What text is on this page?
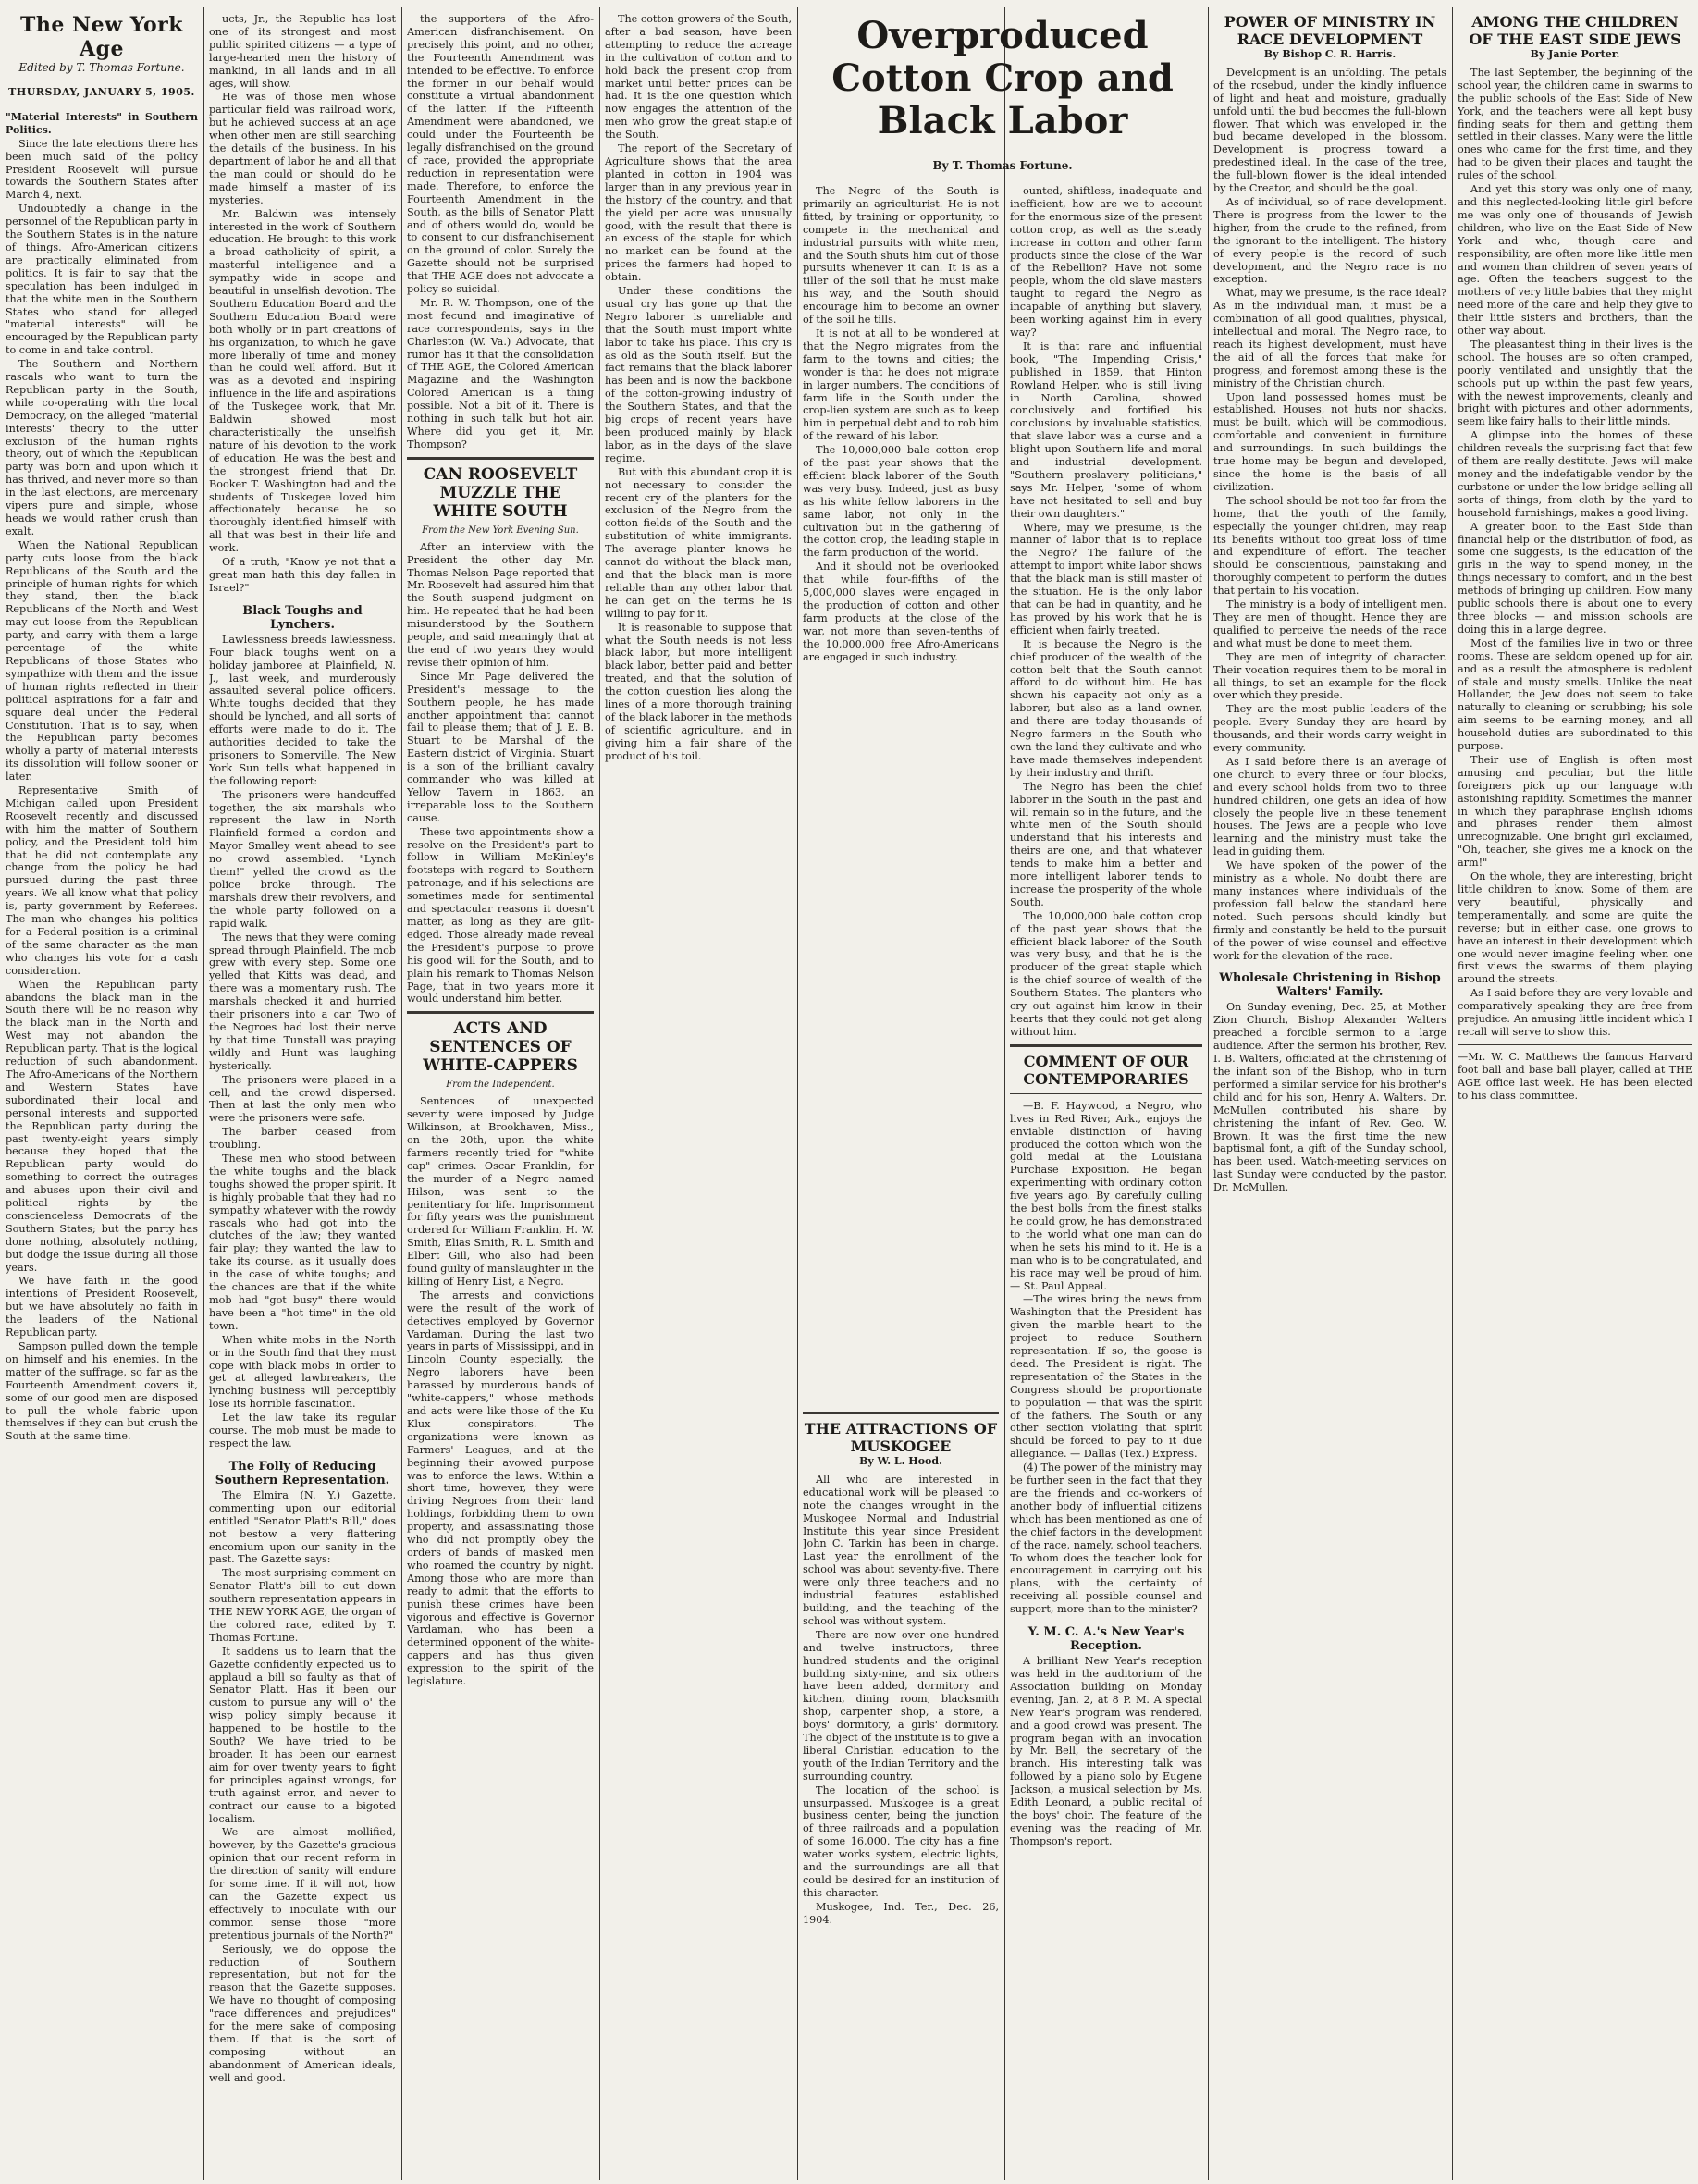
The New York Age
Edited by T. Thomas Fortune.
THURSDAY, JANUARY 5, 1905.

"Material Interests" in Southern Politics.

Since the late elections there has been much said of the policy President Roosevelt will pursue towards the Southern States after March 4, next.

Undoubtedly a change in the personnel of the Republican party in the Southern States is in the nature of things. Afro-American citizens are practically eliminated from politics. It is fair to say that the speculation has been indulged in that the white men in the Southern States who stand for alleged "material interests" will be encouraged by the Republican party to come in and take control.

The Southern and Northern rascals who want to turn the Republican party in the South, while co-operating with the local Democracy, on the alleged "material interests" theory to the utter exclusion of the human rights theory, out of which the Republican party was born and upon which it has thrived, and never more so than in the last elections, are mercenary vipers pure and simple, whose heads we would rather crush than exalt.

When the National Republican party cuts loose from the black Republicans of the South and the principle of human rights for which they stand, then the black Republicans of the North and West may cut loose from the Republican party, and carry with them a large percentage of the white Republicans of those States who sympathize with them and the issue of human rights reflected in their political aspirations for a fair and square deal under the Federal Constitution. That is to say, when the Republican party becomes wholly a party of material interests its dissolution will follow sooner or later.

Representative Smith of Michigan called upon President Roosevelt recently and discussed with him the matter of Southern policy, and the President told him that he did not contemplate any change from the policy he had pursued during the past three years. We all know what that policy is, party government by Referees. The man who changes his politics for a Federal position is a criminal of the same character as the man who changes his vote for a cash consideration.

When the Republican party abandons the black man in the South there will be no reason why the black man in the North and West may not abandon the Republican party. That is the logical reduction of such abandonment. The Afro-Americans of the Northern and Western States have subordinated their local and personal interests and supported the Republican party during the past twenty-eight years simply because they hoped that the Republican party would do something to correct the outrages and abuses upon their civil and political rights by the conscienceless Democrats of the Southern States; but the party has done nothing, absolutely nothing, but dodge the issue during all those years.

We have faith in the good intentions of President Roosevelt, but we have absolutely no faith in the leaders of the National Republican party.

Sampson pulled down the temple on himself and his enemies. In the matter of the suffrage, so far as the Fourteenth Amendment covers it, some of our good men are disposed to pull the whole fabric upon themselves if they can but crush the South at the same time.

ucts, Jr., the Republic has lost one of its strongest and most public spirited citizens — a type of large-hearted men the history of mankind, in all lands and in all ages, will show.

He was of those men whose particular field was railroad work, but he achieved success at an age when other men are still searching the details of the business. In his department of labor he and all that the man could or should do he made himself a master of its mysteries.

Mr. Baldwin was intensely interested in the work of Southern education. He brought to this work a broad catholicity of spirit, a masterful intelligence and a sympathy wide in scope and beautiful in unselfish devotion. The Southern Education Board and the Southern Education Board were both wholly or in part creations of his organization, to which he gave more liberally of time and money than he could well afford. But it was as a devoted and inspiring influence in the life and aspirations of the Tuskegee work, that Mr. Baldwin showed most characteristically the unselfish nature of his devotion to the work of education. He was the best and the strongest friend that Dr. Booker T. Washington had and the students of Tuskegee loved him affectionately because he so thoroughly identified himself with all that was best in their life and work.

Of a truth, "Know ye not that a great man hath this day fallen in Israel?"

Black Toughs and Lynchers.

Lawlessness breeds lawlessness. Four black toughs went on a holiday jamboree at Plainfield, N. J., last week, and murderously assaulted several police officers. White toughs decided that they should be lynched, and all sorts of efforts were made to do it. The authorities decided to take the prisoners to Somerville. The New York Sun tells what happened in the following report:

The prisoners were handcuffed together, the six marshals who represent the law in North Plainfield formed a cordon and Mayor Smalley went ahead to see no crowd assembled. "Lynch them!" yelled the crowd as the police broke through. The marshals drew their revolvers, and the whole party followed on a rapid walk.

The news that they were coming spread through Plainfield. The mob grew with every step. Some one yelled that Kitts was dead, and there was a momentary rush. The marshals checked it and hurried their prisoners into a car. Two of the Negroes had lost their nerve by that time. Tunstall was praying wildly and Hunt was laughing hysterically.

The prisoners were placed in a cell, and the crowd dispersed. Then at last the only men who were the prisoners were safe.

The barber ceased from troubling.

These men who stood between the white toughs and the black toughs showed the proper spirit. It is highly probable that they had no sympathy whatever with the rowdy rascals who had got into the clutches of the law; they wanted fair play; they wanted the law to take its course, as it usually does in the case of white toughs; and the chances are that if the white mob had "got busy" there would have been a "hot time" in the old town.

When white mobs in the North or in the South find that they must cope with black mobs in order to get at alleged lawbreakers, the lynching business will perceptibly lose its horrible fascination.

Let the law take its regular course. The mob must be made to respect the law.

The Folly of Reducing Southern Representation.

The Elmira (N. Y.) Gazette, commenting upon our editorial entitled "Senator Platt's Bill," does not bestow a very flattering encomium upon our sanity in the past. The Gazette says:

The most surprising comment on Senator Platt's bill to cut down southern representation appears in THE NEW YORK AGE, the organ of the colored race, edited by T. Thomas Fortune.

It saddens us to learn that the Gazette confidently expected us to applaud a bill so faulty as that of Senator Platt. Has it been our custom to pursue any will o' the wisp policy simply because it happened to be hostile to the South? We have tried to be broader. It has been our earnest aim for over twenty years to fight for principles against wrongs, for truth against error, and never to contract our cause to a bigoted localism.

We are almost mollified, however, by the Gazette's gracious opinion that our recent reform in the direction of sanity will endure for some time. If it will not, how can the Gazette expect us effectively to inoculate with our common sense those "more pretentious journals of the North?"

Seriously, we do oppose the reduction of Southern representation, but not for the reason that the Gazette supposes. We have no thought of composing "race differences and prejudices" for the mere sake of composing them. If that is the sort of composing without an abandonment of American ideals, well and good.

the supporters of the Afro-American disfranchisement. On precisely this point, and no other, the Fourteenth Amendment was intended to be effective. To enforce the former in our behalf would constitute a virtual abandonment of the latter. If the Fifteenth Amendment were abandoned, we could under the Fourteenth be legally disfranchised on the ground of race, provided the appropriate reduction in representation were made. Therefore, to enforce the Fourteenth Amendment in the South, as the bills of Senator Platt and of others would do, would be to consent to our disfranchisement on the ground of color. Surely the Gazette should not be surprised that THE AGE does not advocate a policy so suicidal.

Mr. R. W. Thompson, one of the most fecund and imaginative of race correspondents, says in the Charleston (W. Va.) Advocate, that rumor has it that the consolidation of THE AGE, the Colored American Magazine and the Washington Colored American is a thing possible. Not a bit of it. There is nothing in such talk but hot air. Where did you get it, Mr. Thompson?

CAN ROOSEVELT MUZZLE THE WHITE SOUTH
From the New York Evening Sun.

After an interview with the President the other day Mr. Thomas Nelson Page reported that Mr. Roosevelt had assured him that the South suspend judgment on him. He repeated that he had been misunderstood by the Southern people, and said meaningly that at the end of two years they would revise their opinion of him.

Since Mr. Page delivered the President's message to the Southern people, he has made another appointment that cannot fail to please them; that of J. E. B. Stuart to be Marshal of the Eastern district of Virginia. Stuart is a son of the brilliant cavalry commander who was killed at Yellow Tavern in 1863, an irreparable loss to the Southern cause.

These two appointments show a resolve on the President's part to follow in William McKinley's footsteps with regard to Southern patronage, and if his selections are sometimes made for sentimental and spectacular reasons it doesn't matter, as long as they are gilt-edged. Those already made reveal the President's purpose to prove his good will for the South, and to plain his remark to Thomas Nelson Page, that in two years more it would understand him better.

ACTS AND SENTENCES OF WHITE-CAPPERS
From the Independent.

Sentences of unexpected severity were imposed by Judge Wilkinson, at Brookhaven, Miss., on the 20th, upon the white farmers recently tried for "white cap" crimes. Oscar Franklin, for the murder of a Negro named Hilson, was sent to the penitentiary for life. Imprisonment for fifty years was the punishment ordered for William Franklin, H. W. Smith, Elias Smith, R. L. Smith and Elbert Gill, who also had been found guilty of manslaughter in the killing of Henry List, a Negro.

The arrests and convictions were the result of the work of detectives employed by Governor Vardaman. During the last two years in parts of Mississippi, and in Lincoln County especially, the Negro laborers have been harassed by murderous bands of "white-cappers," whose methods and acts were like those of the Ku Klux conspirators. The organizations were known as Farmers' Leagues, and at the beginning their avowed purpose was to enforce the laws. Within a short time, however, they were driving Negroes from their land holdings, forbidding them to own property, and assassinating those who did not promptly obey the orders of bands of masked men who roamed the country by night. Among those who are more than ready to admit that the efforts to punish these crimes have been vigorous and effective is Governor Vardaman, who has been a determined opponent of the white-cappers and has thus given expression to the spirit of the legislature.

Overproduced Cotton Crop and Black Labor
By T. Thomas Fortune.

The cotton growers of the South, after a bad season, have been attempting to reduce the acreage in the cultivation of cotton and to hold back the present crop from market until better prices can be had. It is the one question which now engages the attention of the men who grow the great staple of the South.

The report of the Secretary of Agriculture shows that the area planted in cotton in 1904 was larger than in any previous year in the history of the country, and that the yield per acre was unusually good, with the result that there is an excess of the staple for which no market can be found at the prices the farmers had hoped to obtain.

Under these conditions the usual cry has gone up that the Negro laborer is unreliable and that the South must import white labor to take his place. This cry is as old as the South itself. But the fact remains that the black laborer has been and is now the backbone of the cotton-growing industry of the Southern States, and that the big crops of recent years have been produced mainly by black labor, as in the days of the slave regime.

But with this abundant crop it is not necessary to consider the recent cry of the planters for the exclusion of the Negro from the cotton fields of the South and the substitution of white immigrants. The average planter knows he cannot do without the black man, and that the black man is more reliable than any other labor that he can get on the terms he is willing to pay for it.

It is reasonable to suppose that what the South needs is not less black labor, but more intelligent black labor, better paid and better treated, and that the solution of the cotton question lies along the lines of a more thorough training of the black laborer in the methods of scientific agriculture, and in giving him a fair share of the product of his toil.

The Negro of the South is primarily an agriculturist. He is not fitted, by training or opportunity, to compete in the mechanical and industrial pursuits with white men, and the South shuts him out of those pursuits whenever it can. It is as a tiller of the soil that he must make his way, and the South should encourage him to become an owner of the soil he tills.

It is not at all to be wondered at that the Negro migrates from the farm to the towns and cities; the wonder is that he does not migrate in larger numbers. The conditions of farm life in the South under the crop-lien system are such as to keep him in perpetual debt and to rob him of the reward of his labor.

The 10,000,000 bale cotton crop of the past year shows that the efficient black laborer of the South was very busy. Indeed, just as busy as his white fellow laborers in the same labor, not only in the cultivation but in the gathering of the cotton crop, the leading staple in the farm production of the world.

And it should not be overlooked that while four-fifths of the 5,000,000 slaves were engaged in the production of cotton and other farm products at the close of the war, not more than seven-tenths of the 10,000,000 free Afro-Americans are engaged in such industry.

ounted, shiftless, inadequate and inefficient, how are we to account for the enormous size of the present cotton crop, as well as the steady increase in cotton and other farm products since the close of the War of the Rebellion? Have not some people, whom the old slave masters taught to regard the Negro as incapable of anything but slavery, been working against him in every way?

It is that rare and influential book, "The Impending Crisis," published in 1859, that Hinton Rowland Helper, who is still living in North Carolina, showed conclusively and fortified his conclusions by invaluable statistics, that slave labor was a curse and a blight upon Southern life and moral and industrial development. "Southern proslavery politicians," says Mr. Helper, "some of whom have not hesitated to sell and buy their own daughters."

Where, may we presume, is the manner of labor that is to replace the Negro? The failure of the attempt to import white labor shows that the black man is still master of the situation. He is the only labor that can be had in quantity, and he has proved by his work that he is efficient when fairly treated.

It is because the Negro is the chief producer of the wealth of the cotton belt that the South cannot afford to do without him. He has shown his capacity not only as a laborer, but also as a land owner, and there are today thousands of Negro farmers in the South who own the land they cultivate and who have made themselves independent by their industry and thrift.

The Negro has been the chief laborer in the South in the past and will remain so in the future, and the white men of the South should understand that his interests and theirs are one, and that whatever tends to make him a better and more intelligent laborer tends to increase the prosperity of the whole South.

The 10,000,000 bale cotton crop of the past year shows that the efficient black laborer of the South was very busy, and that he is the producer of the great staple which is the chief source of wealth of the Southern States. The planters who cry out against him know in their hearts that they could not get along without him.

COMMENT OF OUR CONTEMPORARIES

—B. F. Haywood, a Negro, who lives in Red River, Ark., enjoys the enviable distinction of having produced the cotton which won the gold medal at the Louisiana Purchase Exposition. He began experimenting with ordinary cotton five years ago. By carefully culling the best bolls from the finest stalks he could grow, he has demonstrated to the world what one man can do when he sets his mind to it. He is a man who is to be congratulated, and his race may well be proud of him. — St. Paul Appeal.

—The wires bring the news from Washington that the President has given the marble heart to the project to reduce Southern representation. If so, the goose is dead. The President is right. The representation of the States in the Congress should be proportionate to population — that was the spirit of the fathers. The South or any other section violating that spirit should be forced to pay to it due allegiance. — Dallas (Tex.) Express.

(4) The power of the ministry may be further seen in the fact that they are the friends and co-workers of another body of influential citizens which has been mentioned as one of the chief factors in the development of the race, namely, school teachers. To whom does the teacher look for encouragement in carrying out his plans, with the certainty of receiving all possible counsel and support, more than to the minister?

Y. M. C. A.'s New Year's Reception.

A brilliant New Year's reception was held in the auditorium of the Association building on Monday evening, Jan. 2, at 8 P. M. A special New Year's program was rendered, and a good crowd was present. The program began with an invocation by Mr. Bell, the secretary of the branch. His interesting talk was followed by a piano solo by Eugene Jackson, a musical selection by Ms. Edith Leonard, a public recital of the boys' choir. The feature of the evening was the reading of Mr. Thompson's report.

THE ATTRACTIONS OF MUSKOGEE
By W. L. Hood.

All who are interested in educational work will be pleased to note the changes wrought in the Muskogee Normal and Industrial Institute this year since President John C. Tarkin has been in charge. Last year the enrollment of the school was about seventy-five. There were only three teachers and no industrial features established building, and the teaching of the school was without system.

There are now over one hundred and twelve instructors, three hundred students and the original building sixty-nine, and six others have been added, dormitory and kitchen, dining room, blacksmith shop, carpenter shop, a store, a boys' dormitory, a girls' dormitory. The object of the institute is to give a liberal Christian education to the youth of the Indian Territory and the surrounding country.

The location of the school is unsurpassed. Muskogee is a great business center, being the junction of three railroads and a population of some 16,000. The city has a fine water works system, electric lights, and the surroundings are all that could be desired for an institution of this character.

Muskogee, Ind. Ter., Dec. 26, 1904.

POWER OF MINISTRY IN RACE DEVELOPMENT
By Bishop C. R. Harris.

Development is an unfolding. The petals of the rosebud, under the kindly influence of light and heat and moisture, gradually unfold until the bud becomes the full-blown flower. That which was enveloped in the bud became developed in the blossom. Development is progress toward a predestined ideal. In the case of the tree, the full-blown flower is the ideal intended by the Creator, and should be the goal.

As of individual, so of race development. There is progress from the lower to the higher, from the crude to the refined, from the ignorant to the intelligent. The history of every people is the record of such development, and the Negro race is no exception.

What, may we presume, is the race ideal? As in the individual man, it must be a combination of all good qualities, physical, intellectual and moral. The Negro race, to reach its highest development, must have the aid of all the forces that make for progress, and foremost among these is the ministry of the Christian church.

Upon land possessed homes must be established. Houses, not huts nor shacks, must be built, which will be commodious, comfortable and convenient in furniture and surroundings. In such buildings the true home may be begun and developed, since the home is the basis of all civilization.

The school should be not too far from the home, that the youth of the family, especially the younger children, may reap its benefits without too great loss of time and expenditure of effort. The teacher should be conscientious, painstaking and thoroughly competent to perform the duties that pertain to his vocation.

The ministry is a body of intelligent men. They are men of thought. Hence they are qualified to perceive the needs of the race and what must be done to meet them.

They are men of integrity of character. Their vocation requires them to be moral in all things, to set an example for the flock over which they preside.

They are the most public leaders of the people. Every Sunday they are heard by thousands, and their words carry weight in every community.

As I said before there is an average of one church to every three or four blocks, and every school holds from two to three hundred children, one gets an idea of how closely the people live in these tenement houses. The Jews are a people who love learning and the ministry must take the lead in guiding them.

We have spoken of the power of the ministry as a whole. No doubt there are many instances where individuals of the profession fall below the standard here noted. Such persons should kindly but firmly and constantly be held to the pursuit of the power of wise counsel and effective work for the elevation of the race.

Wholesale Christening in Bishop Walters' Family.

On Sunday evening, Dec. 25, at Mother Zion Church, Bishop Alexander Walters preached a forcible sermon to a large audience. After the sermon his brother, Rev. I. B. Walters, officiated at the christening of the infant son of the Bishop, who in turn performed a similar service for his brother's child and for his son, Henry A. Walters. Dr. McMullen contributed his share by christening the infant of Rev. Geo. W. Brown. It was the first time the new baptismal font, a gift of the Sunday school, has been used. Watch-meeting services on last Sunday were conducted by the pastor, Dr. McMullen.

AMONG THE CHILDREN OF THE EAST SIDE JEWS
By Janie Porter.

The last September, the beginning of the school year, the children came in swarms to the public schools of the East Side of New York, and the teachers were all kept busy finding seats for them and getting them settled in their classes. Many were the little ones who came for the first time, and they had to be given their places and taught the rules of the school.

And yet this story was only one of many, and this neglected-looking little girl before me was only one of thousands of Jewish children, who live on the East Side of New York and who, though care and responsibility, are often more like little men and women than children of seven years of age. Often the teachers suggest to the mothers of very little babies that they might need more of the care and help they give to their little sisters and brothers, than the other way about.

The pleasantest thing in their lives is the school. The houses are so often cramped, poorly ventilated and unsightly that the schools put up within the past few years, with the newest improvements, cleanly and bright with pictures and other adornments, seem like fairy halls to their little minds.

A glimpse into the homes of these children reveals the surprising fact that few of them are really destitute. Jews will make money and the indefatigable vendor by the curbstone or under the low bridge selling all sorts of things, from cloth by the yard to household furnishings, makes a good living.

A greater boon to the East Side than financial help or the distribution of food, as some one suggests, is the education of the girls in the way to spend money, in the things necessary to comfort, and in the best methods of bringing up children. How many public schools there is about one to every three blocks — and mission schools are doing this in a large degree.

Most of the families live in two or three rooms. These are seldom opened up for air, and as a result the atmosphere is redolent of stale and musty smells. Unlike the neat Hollander, the Jew does not seem to take naturally to cleaning or scrubbing; his sole aim seems to be earning money, and all household duties are subordinated to this purpose.

Their use of English is often most amusing and peculiar, but the little foreigners pick up our language with astonishing rapidity. Sometimes the manner in which they paraphrase English idioms and phrases render them almost unrecognizable. One bright girl exclaimed, "Oh, teacher, she gives me a knock on the arm!"

On the whole, they are interesting, bright little children to know. Some of them are very beautiful, physically and temperamentally, and some are quite the reverse; but in either case, one grows to have an interest in their development which one would never imagine feeling when one first views the swarms of them playing around the streets.

As I said before they are very lovable and comparatively speaking they are free from prejudice. An amusing little incident which I recall will serve to show this.

—Mr. W. C. Matthews the famous Harvard foot ball and base ball player, called at THE AGE office last week. He has been elected to his class committee.
